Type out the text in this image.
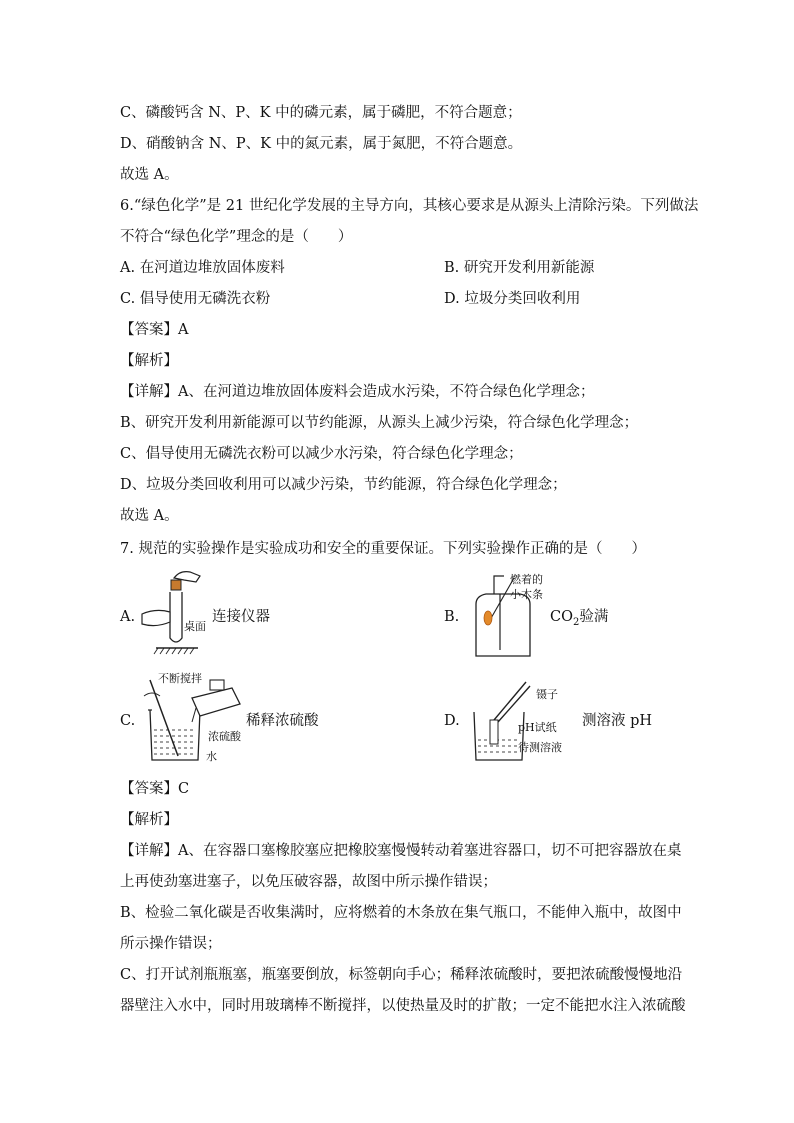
C、磷酸钙含 N、P、K 中的磷元素，属于磷肥，不符合题意；
D、硝酸钠含 N、P、K 中的氮元素，属于氮肥，不符合题意。
故选 A。
6.“绿色化学”是 21 世纪化学发展的主导方向，其核心要求是从源头上清除污染。下列做法
不符合“绿色化学”理念的是（　　）
A. 在河道边堆放固体废料	B. 研究开发利用新能源
C. 倡导使用无磷洗衣粉	D. 垃圾分类回收利用
【答案】A
【解析】
【详解】A、在河道边堆放固体废料会造成水污染，不符合绿色化学理念；
B、研究开发利用新能源可以节约能源，从源头上减少污染，符合绿色化学理念；
C、倡导使用无磷洗衣粉可以减少水污染，符合绿色化学理念；
D、垃圾分类回收利用可以减少污染，节约能源，符合绿色化学理念；
故选 A。
7. 规范的实验操作是实验成功和安全的重要保证。下列实验操作正确的是（　　）
A.
桌面
连接仪器	B.
燃着的
小木条
$CO_2$验满
C.
不断搅拌
浓硫酸
水
稀释浓硫酸	D.
镊子
pH试纸
待测溶液
测溶液 pH
【答案】C
【解析】
【详解】A、在容器口塞橡胶塞应把橡胶塞慢慢转动着塞进容器口，切不可把容器放在桌
上再使劲塞进塞子，以免压破容器，故图中所示操作错误；
B、检验二氧化碳是否收集满时，应将燃着的木条放在集气瓶口，不能伸入瓶中，故图中
所示操作错误；
C、打开试剂瓶瓶塞，瓶塞要倒放，标签朝向手心；稀释浓硫酸时，要把浓硫酸慢慢地沿
器壁注入水中，同时用玻璃棒不断搅拌，以使热量及时的扩散；一定不能把水注入浓硫酸
